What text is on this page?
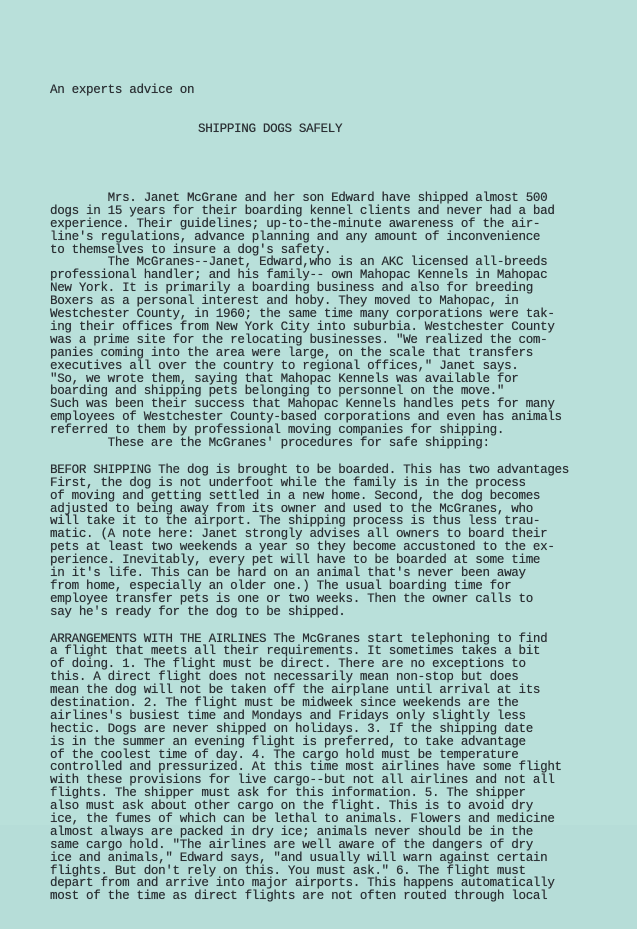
An experts advice on

SHIPPING DOGS SAFELY

Mrs. Janet McGrane and her son Edward have shipped almost 500
dogs in 15 years for their boarding kennel clients and never had a bad
experience. Their guidelines; up-to-the-minute awareness of the air-
line's regulations, advance planning and any amount of inconvenience
to themselves to insure a dog's safety.
The McGranes--Janet, Edward,who is an AKC licensed all-breeds
professional handler; and his family-- own Mahopac Kennels in Mahopac
New York. It is primarily a boarding business and also for breeding
Boxers as a personal interest and hoby. They moved to Mahopac, in
Westchester County, in 1960; the same time many corporations were tak-
ing their offices from New York City into suburbia. Westchester County
was a prime site for the relocating businesses. "We realized the com-
panies coming into the area were large, on the scale that transfers
executives all over the country to regional offices," Janet says.
"So, we wrote them, saying that Mahopac Kennels was available for
boarding and shipping pets belonging to personnel on the move."
Such was been their success that Mahopac Kennels handles pets for many
employees of Westchester County-based corporations and even has animals
referred to them by professional moving companies for shipping.
These are the McGranes' procedures for safe shipping:
BEFOR SHIPPING The dog is brought to be boarded. This has two advantages
First, the dog is not underfoot while the family is in the process
of moving and getting settled in a new home. Second, the dog becomes
adjusted to being away from its owner and used to the McGranes, who
will take it to the airport. The shipping process is thus less trau-
matic. (A note here: Janet strongly advises all owners to board their
pets at least two weekends a year so they become accustoned to the ex-
perience. Inevitably, every pet will have to be boarded at some time
in it's life. This can be hard on an animal that's never been away
from home, especially an older one.) The usual boarding time for
employee transfer pets is one or two weeks. Then the owner calls to
say he's ready for the dog to be shipped.
ARRANGEMENTS WITH THE AIRLINES The McGranes start telephoning to find
a flight that meets all their requirements. It sometimes takes a bit
of doing. 1. The flight must be direct. There are no exceptions to
this. A direct flight does not necessarily mean non-stop but does
mean the dog will not be taken off the airplane until arrival at its
destination. 2. The flight must be midweek since weekends are the
airlines's busiest time and Mondays and Fridays only slightly less
hectic. Dogs are never shipped on holidays. 3. If the shipping date
is in the summer an evening flight is preferred, to take advantage
of the coolest time of day. 4. The cargo hold must be temperature
controlled and pressurized. At this time most airlines have some flight
with these provisions for live cargo--but not all airlines and not all
flights. The shipper must ask for this information. 5. The shipper
also must ask about other cargo on the flight. This is to avoid dry
ice, the fumes of which can be lethal to animals. Flowers and medicine
almost always are packed in dry ice; animals never should be in the
same cargo hold. "The airlines are well aware of the dangers of dry
ice and animals," Edward says, "and usually will warn against certain
flights. But don't rely on this. You must ask." 6. The flight must
depart from and arrive into major airports. This happens automatically
most of the time as direct flights are not often routed through local
